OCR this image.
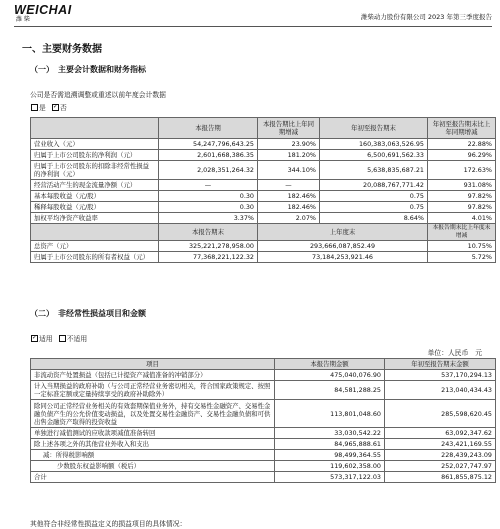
WEICHAI
潍 柴	潍柴动力股份有限公司 2023 年第三季度报告
一、主要财务数据
（一）　主要会计数据和财务指标
公司是否需追溯调整或重述以前年度会计数据
是 ✓ 否
	本报告期	本报告期比上年同期增减	年初至报告期末	年初至报告期末比上年同期增减
营业收入（元）	54,247,796,643.25	23.90%	160,383,063,526.95	22.88%
归属于上市公司股东的净利润（元）	2,601,668,386.35	181.20%	6,500,691,562.33	96.29%
归属于上市公司股东的扣除非经常性损益的净利润（元）	2,028,351,264.32	344.10%	5,638,835,687.21	172.63%
经营活动产生的现金流量净额（元）	—	—	20,088,767,771.42	931.08%
基本每股收益（元/股）	0.30	182.46%	0.75	97.82%
稀释每股收益（元/股）	0.30	182.46%	0.75	97.82%
加权平均净资产收益率	3.37%	2.07%	8.64%	4.01%
	本报告期末	上年度末		本报告期末比上年度末增减
总资产（元）	325,221,278,958.00	293,666,087,852.49		10.75%
归属于上市公司股东的所有者权益（元）	77,368,221,122.32	73,184,253,921.46		5.72%
（二）　非经常性损益项目和金额
✓适用 不适用
单位：人民币　元
项目	本报告期金额	年初至报告期末金额
非流动资产处置损益（包括已计提资产减值准备的冲销部分）	475,040,076.90	537,170,294.13
计入当期损益的政府补助（与公司正常经营业务密切相关，符合国家政策规定、按照一定标准定额或定量持续享受的政府补助除外）	84,581,288.25	213,040,434.43
除同公司正常经营业务相关的有效套期保值业务外，持有交易性金融资产、交易性金融负债产生的公允价值变动损益，以及处置交易性金融资产、交易性金融负债和可供出售金融资产取得的投资收益	113,801,048.60	285,598,620.45
单独进行减值测试的应收款项减值准备转回	33,030,542.22	63,092,347.62
除上述各项之外的其他营业外收入和支出	84,965,888.61	243,421,169.55
减：所得税影响额	98,499,364.55	228,439,243.09
少数股东权益影响额（税后）	119,602,358.00	252,027,747.97
合计	573,317,122.03	861,855,875.12
其他符合非经常性损益定义的损益项目的具体情况：
